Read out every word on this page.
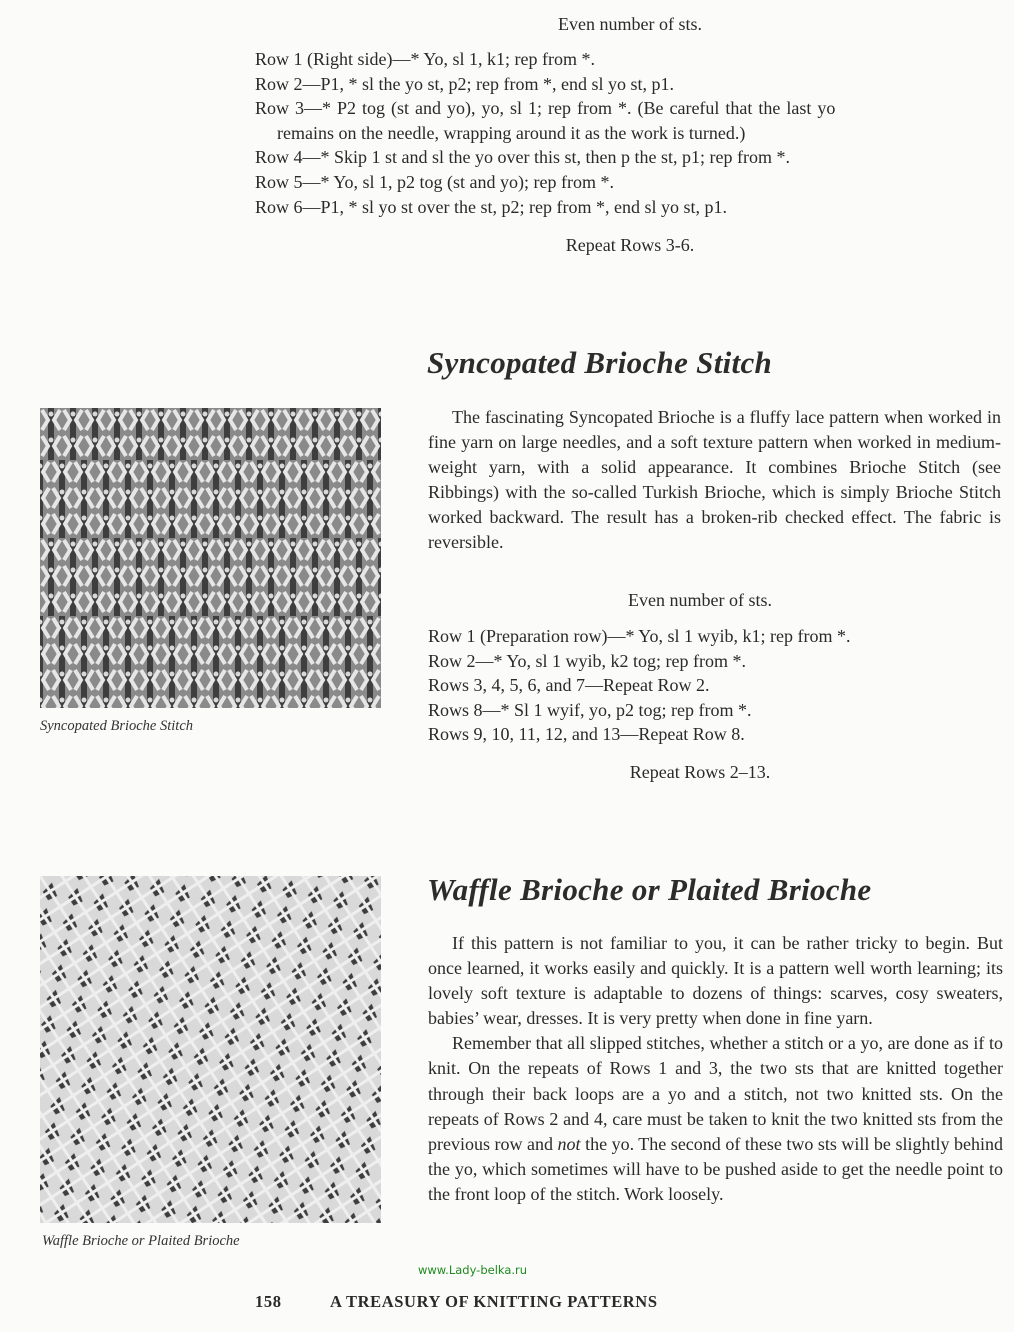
Even number of sts.
Row 1 (Right side)—* Yo, sl 1, k1; rep from *.
Row 2—P1, * sl the yo st, p2; rep from *, end sl yo st, p1.
Row 3—* P2 tog (st and yo), yo, sl 1; rep from *. (Be careful that the last yo
remains on the needle, wrapping around it as the work is turned.)
Row 4—* Skip 1 st and sl the yo over this st, then p the st, p1; rep from *.
Row 5—* Yo, sl 1, p2 tog (st and yo); rep from *.
Row 6—P1, * sl yo st over the st, p2; rep from *, end sl yo st, p1.
Repeat Rows 3-6.
Syncopated Brioche Stitch
Syncopated Brioche Stitch

The fascinating Syncopated Brioche is a fluffy lace pattern when worked in fine yarn on large needles, and a soft texture pattern when worked in medium-weight yarn, with a solid appearance. It combines Brioche Stitch (see Ribbings) with the so-called Turkish Brioche, which is simply Brioche Stitch worked backward. The result has a broken-rib checked effect. The fabric is reversible.

Even number of sts.
Row 1 (Preparation row)—* Yo, sl 1 wyib, k1; rep from *.
Row 2—* Yo, sl 1 wyib, k2 tog; rep from *.
Rows 3, 4, 5, 6, and 7—Repeat Row 2.
Rows 8—* Sl 1 wyif, yo, p2 tog; rep from *.
Rows 9, 10, 11, 12, and 13—Repeat Row 8.
Repeat Rows 2–13.
Waffle Brioche or Plaited Brioche
Waffle Brioche or Plaited Brioche

If this pattern is not familiar to you, it can be rather tricky to begin. But once learned, it works easily and quickly. It is a pattern well worth learning; its lovely soft texture is adaptable to dozens of things: scarves, cosy sweaters, babies’ wear, dresses. It is very pretty when done in fine yarn.

Remember that all slipped stitches, whether a stitch or a yo, are done as if to knit. On the repeats of Rows 1 and 3, the two sts that are knitted together through their back loops are a yo and a stitch, not two knitted sts. On the repeats of Rows 2 and 4, care must be taken to knit the two knitted sts from the previous row and not the yo. The second of these two sts will be slightly behind the yo, which sometimes will have to be pushed aside to get the needle point to the front loop of the stitch. Work loosely.

www.Lady-belka.ru
158	A TREASURY OF KNITTING PATTERNS
